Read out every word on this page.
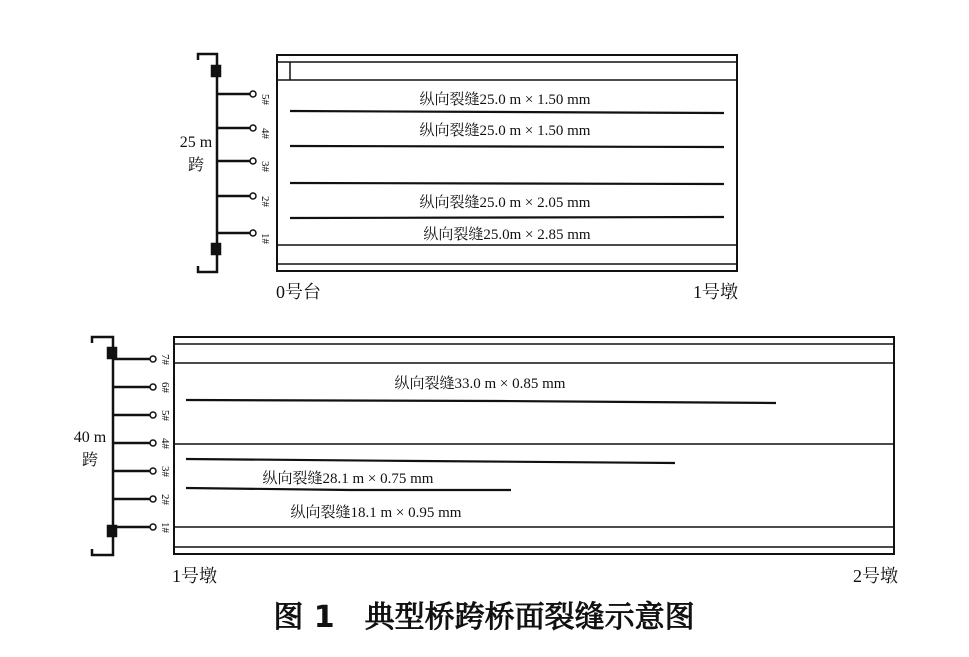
纵向裂缝25.0 m × 1.50 mm
纵向裂缝25.0 m × 1.50 mm
纵向裂缝25.0 m × 2.05 mm
纵向裂缝25.0m × 2.85 mm
1#
2#
3#
4#
5#
25 m
跨
0号台	1号墩
纵向裂缝33.0 m × 0.85 mm
纵向裂缝28.1 m × 0.75 mm
纵向裂缝18.1 m × 0.95 mm
1#
2#
3#
4#
5#
6#
7#
40 m
跨
1号墩	2号墩
图 1　典型桥跨桥面裂缝示意图
